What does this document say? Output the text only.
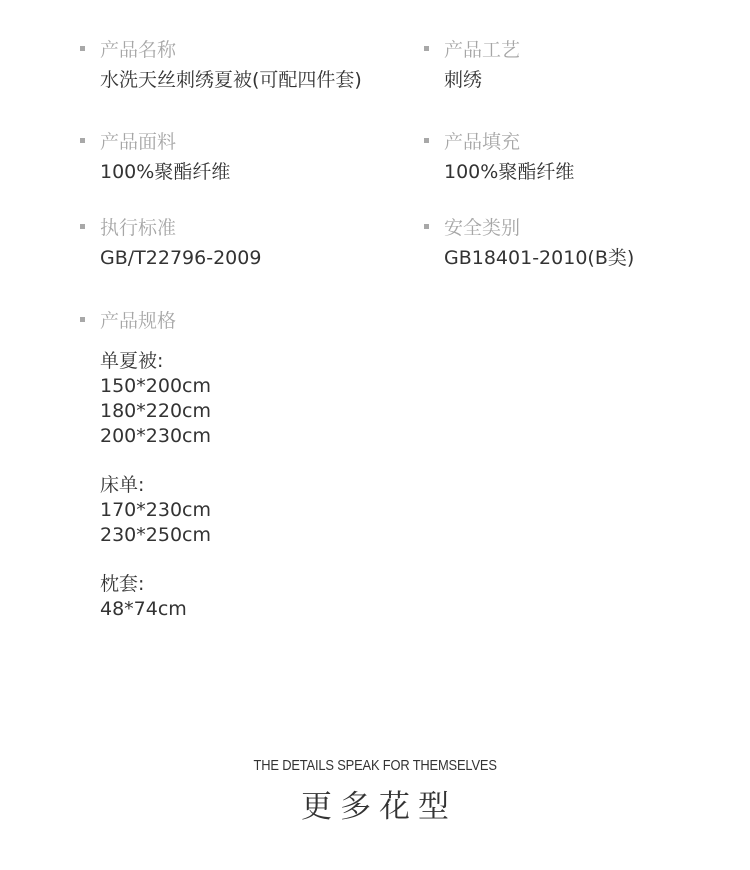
产品名称
水洗天丝刺绣夏被(可配四件套)
产品工艺
刺绣
产品面料
100%聚酯纤维
产品填充
100%聚酯纤维
执行标准
GB/T22796-2009
安全类别
GB18401-2010(B类)
产品规格
单夏被:
150*200cm
180*220cm
200*230cm
床单:
170*230cm
230*250cm
枕套:
48*74cm
THE DETAILS SPEAK FOR THEMSELVES
更多花型
